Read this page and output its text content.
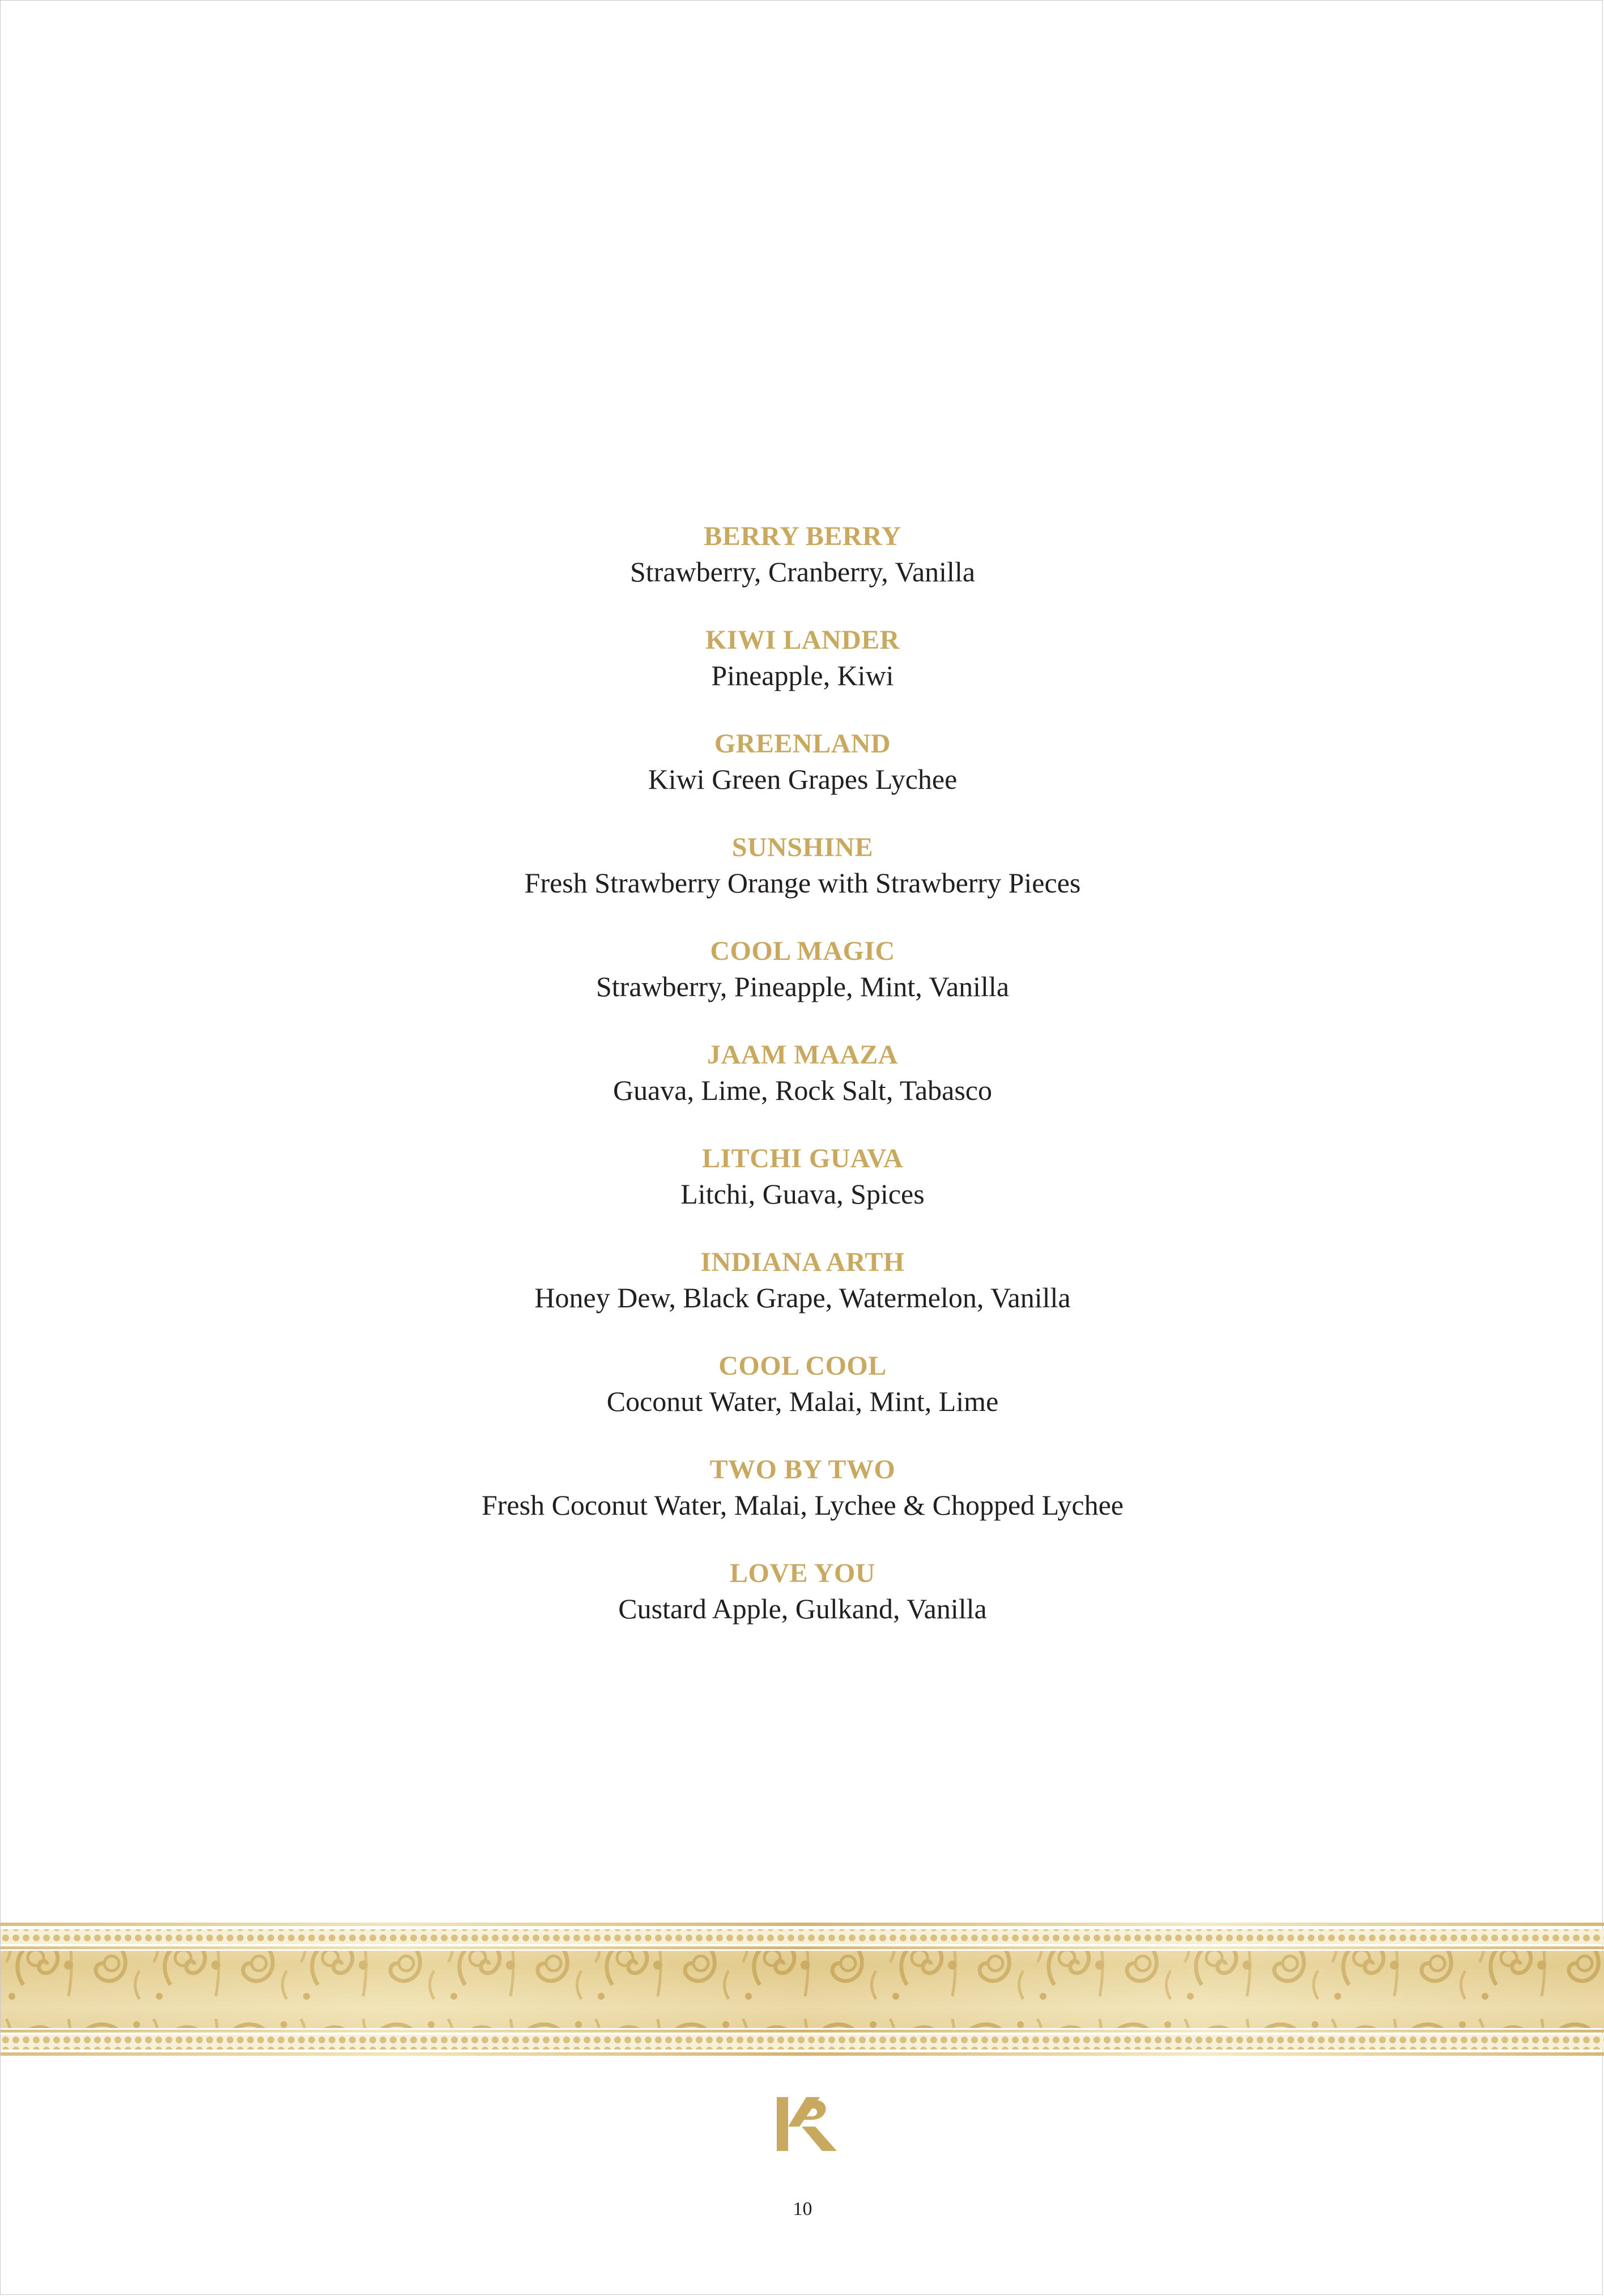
BERRY BERRY
Strawberry, Cranberry, Vanilla
KIWI LANDER
Pineapple, Kiwi
GREENLAND
Kiwi Green Grapes Lychee
SUNSHINE
Fresh Strawberry Orange with Strawberry Pieces
COOL MAGIC
Strawberry, Pineapple, Mint, Vanilla
JAAM MAAZA
Guava, Lime, Rock Salt, Tabasco
LITCHI GUAVA
Litchi, Guava, Spices
INDIANA ARTH
Honey Dew, Black Grape, Watermelon, Vanilla
COOL COOL
Coconut Water, Malai, Mint, Lime
TWO BY TWO
Fresh Coconut Water, Malai, Lychee & Chopped Lychee
LOVE YOU
Custard Apple, Gulkand, Vanilla
10
